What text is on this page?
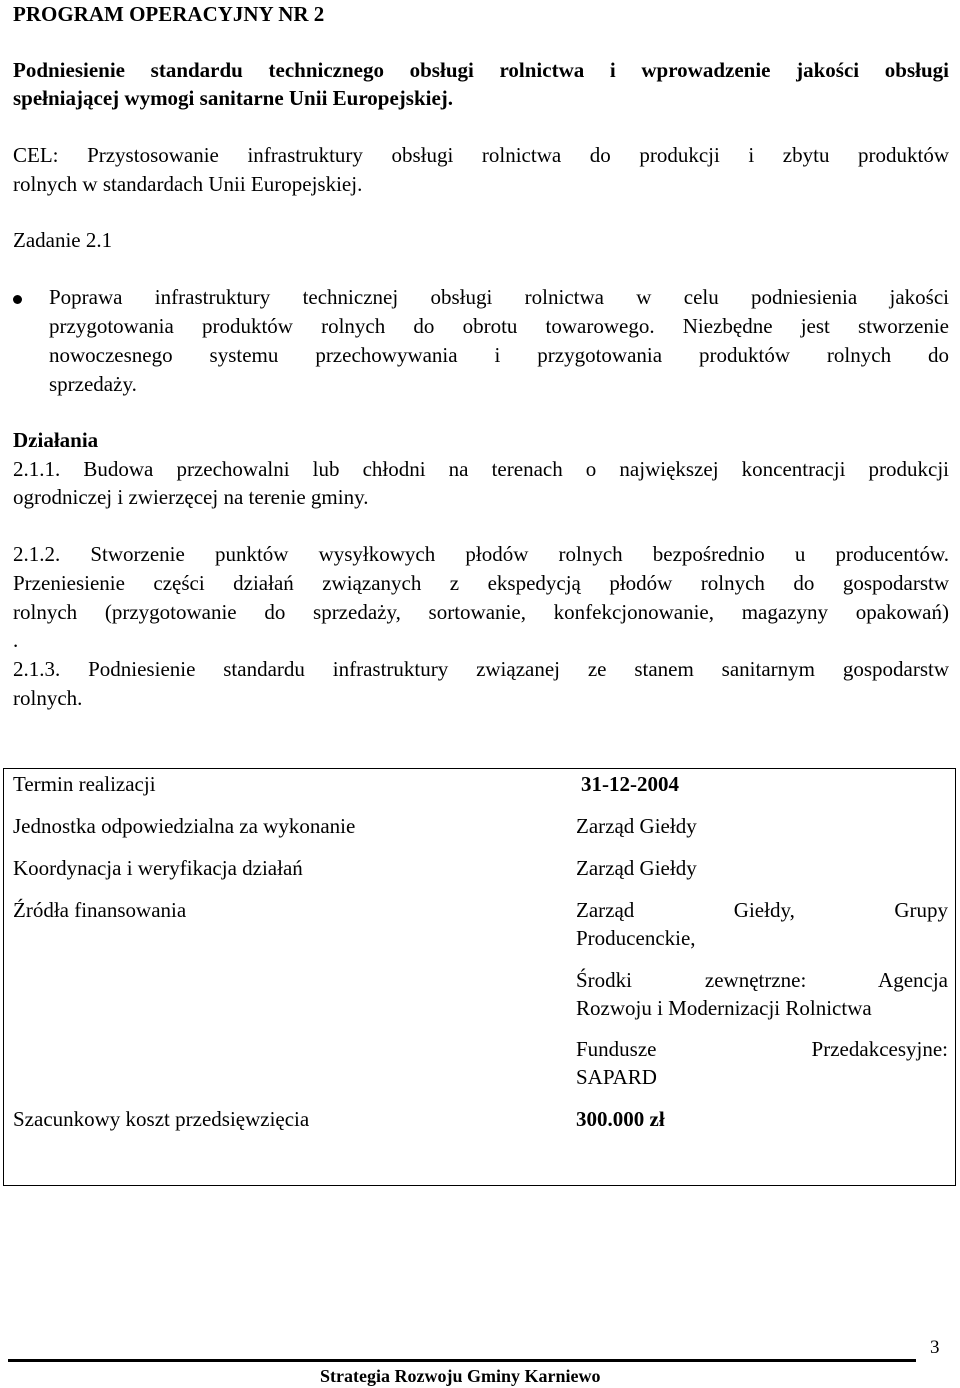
PROGRAM OPERACYJNY NR 2
Podniesienie standardu technicznego obsługi rolnictwa i wprowadzenie jakości obsługi
spełniającej wymogi sanitarne Unii Europejskiej.
CEL: Przystosowanie infrastruktury obsługi rolnictwa do produkcji i zbytu produktów
rolnych w standardach Unii Europejskiej.
Zadanie 2.1
Poprawa infrastruktury technicznej obsługi rolnictwa w celu podniesienia jakości
przygotowania produktów rolnych do obrotu towarowego. Niezbędne jest stworzenie
nowoczesnego systemu przechowywania i przygotowania produktów rolnych do
sprzedaży.
Działania
2.1.1. Budowa przechowalni lub chłodni na terenach o największej koncentracji produkcji
ogrodniczej i zwierzęcej na terenie gminy.
2.1.2. Stworzenie punktów wysyłkowych płodów rolnych bezpośrednio u producentów.
Przeniesienie części działań związanych z ekspedycją płodów rolnych do gospodarstw
rolnych (przygotowanie do sprzedaży, sortowanie, konfekcjonowanie, magazyny opakowań)
.
2.1.3. Podniesienie standardu infrastruktury związanej ze stanem sanitarnym gospodarstw
rolnych.
Termin realizacji	31-12-2004
Jednostka odpowiedzialna za wykonanie	Zarząd Giełdy
Koordynacja i weryfikacja działań	Zarząd Giełdy
Źródła finansowania	Zarząd Giełdy, Grupy
Producenckie,
Środki zewnętrzne: Agencja
Rozwoju i Modernizacji Rolnictwa
Fundusze Przedakcesyjne:
SAPARD
Szacunkowy koszt przedsięwzięcia	300.000 zł
3
Strategia Rozwoju Gminy Karniewo
